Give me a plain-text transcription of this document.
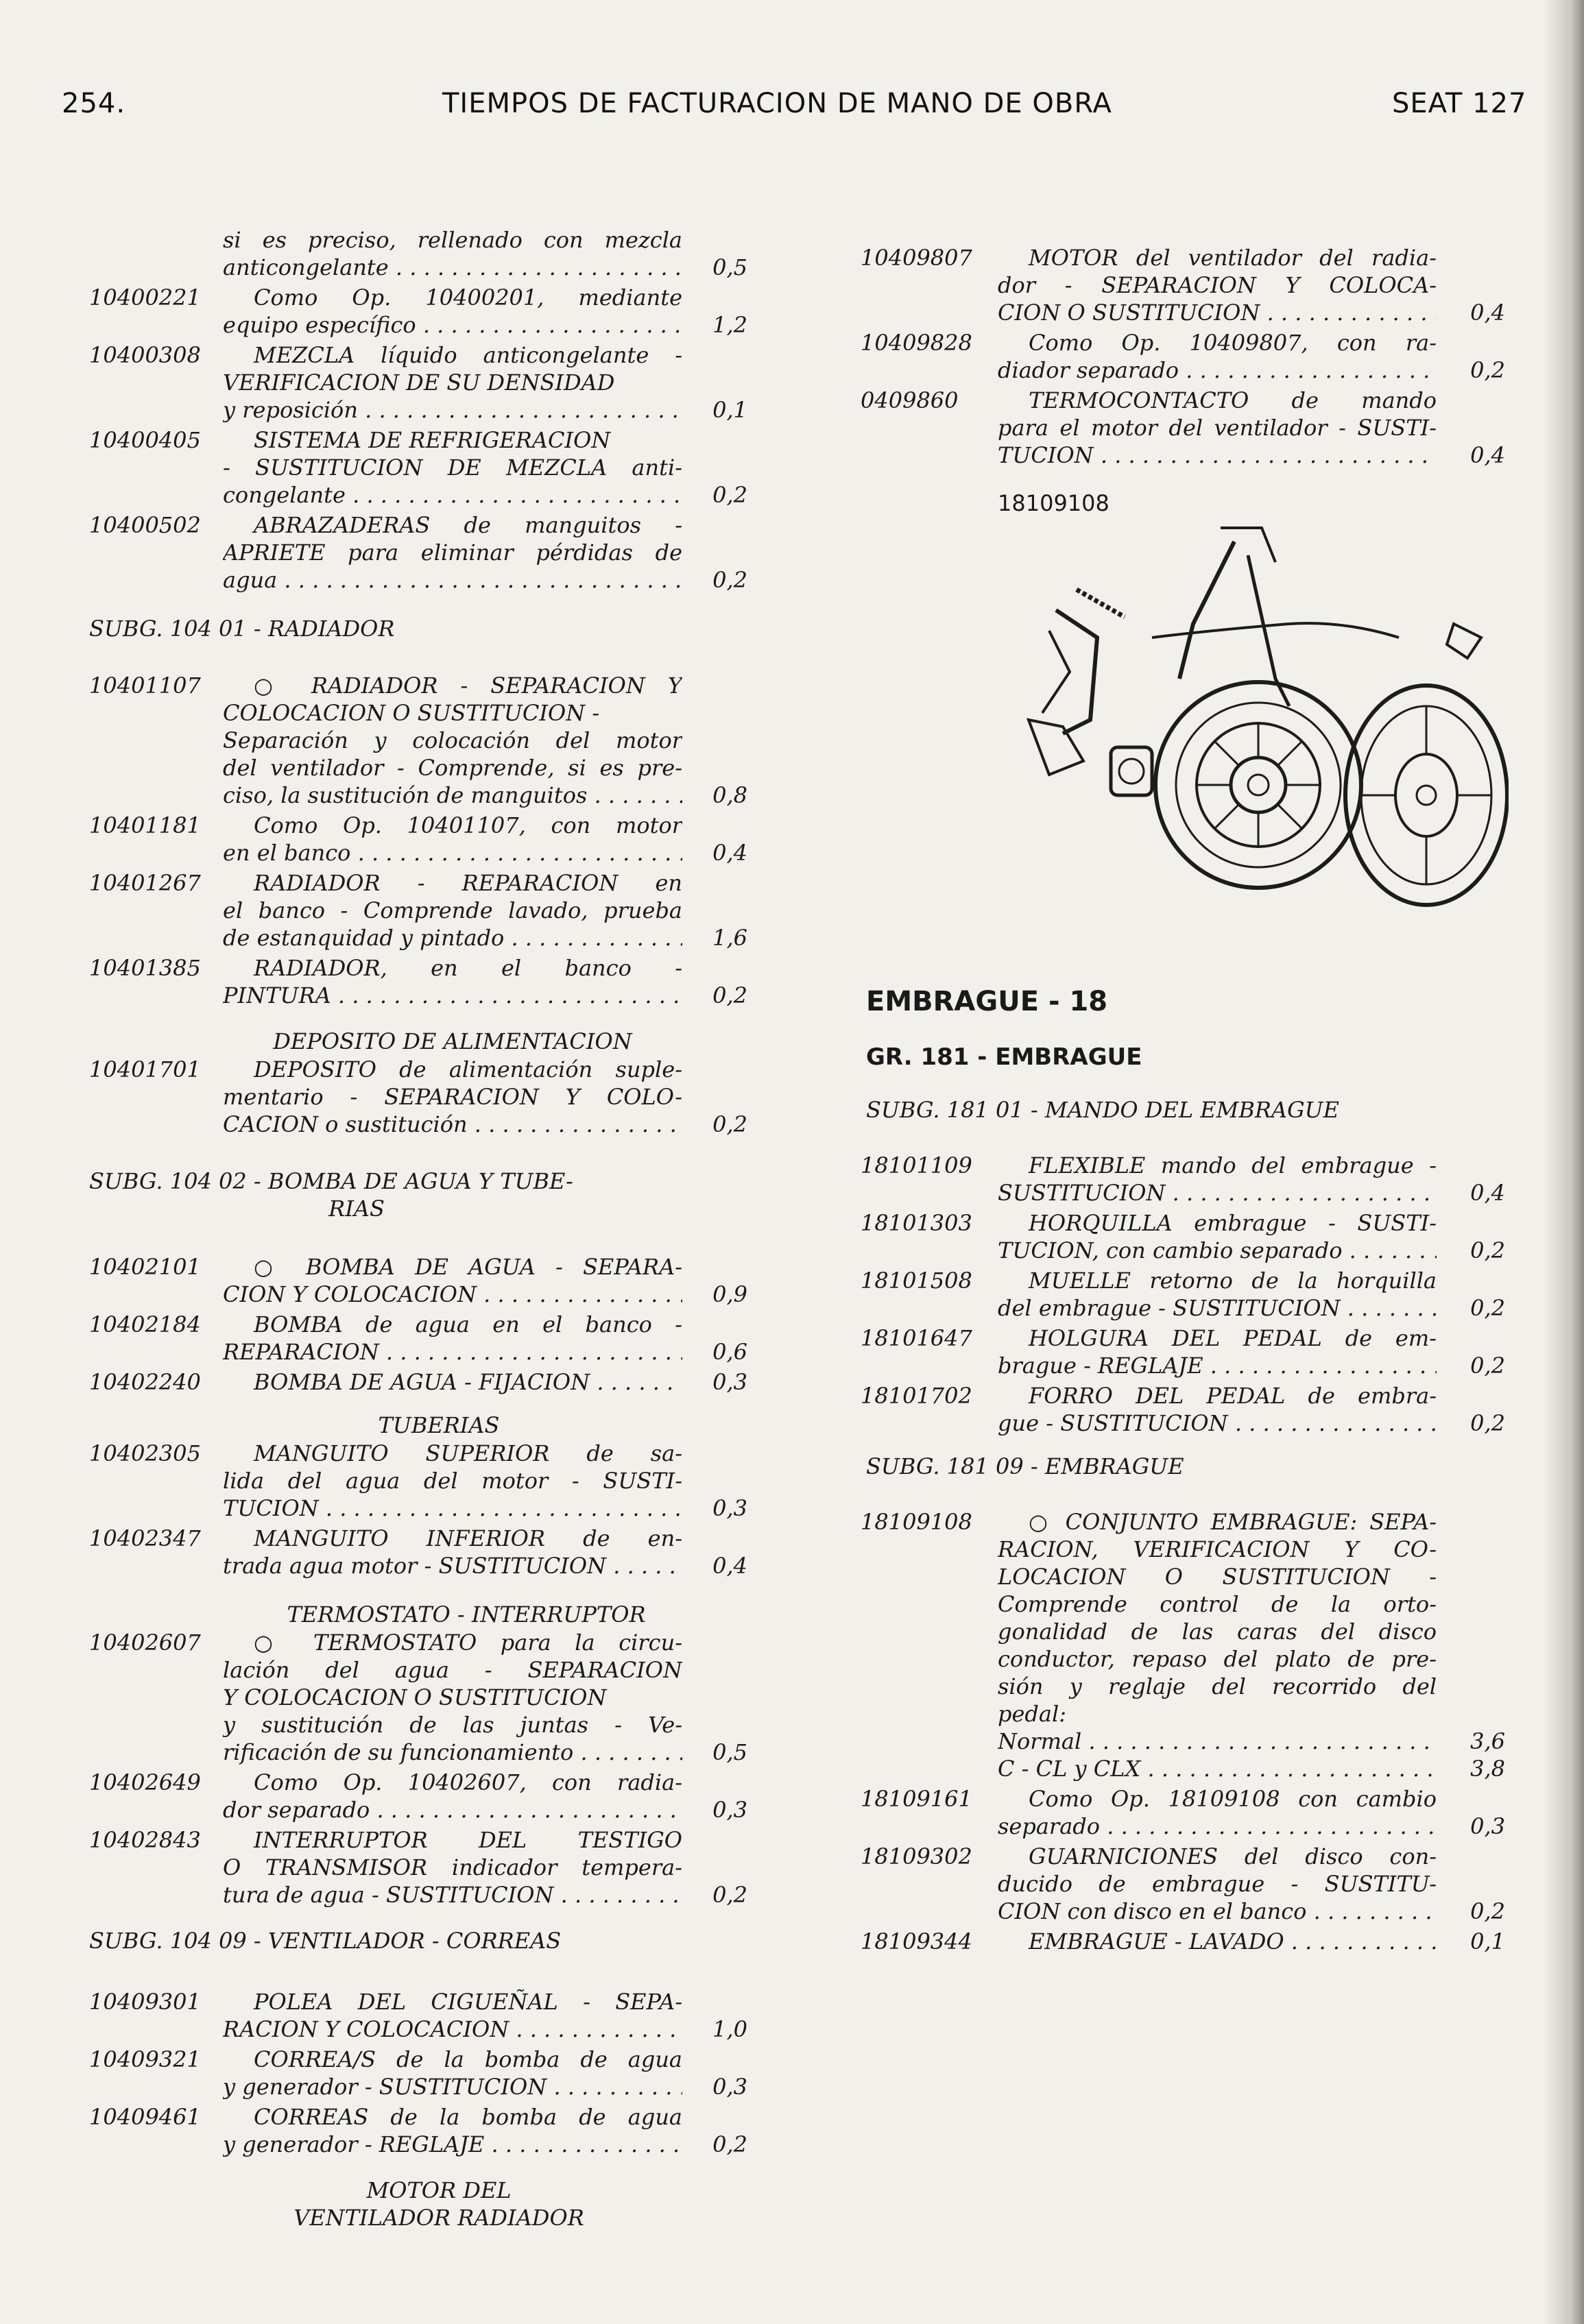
254.	TIEMPOS DE FACTURACION DE MANO DE OBRA	SEAT 127
si es preciso, rellenado con mezcla
anticongelante . . .	0,5
10400221	Como Op. 10400201, mediante
equipo específico . . .	1,2
10400308	MEZCLA líquido anticongelante -
VERIFICACION DE SU DENSIDAD
y reposición . . .	0,1
10400405	SISTEMA DE REFRIGERACION
- SUSTITUCION DE MEZCLA anti-
congelante . . .	0,2
10400502	ABRAZADERAS de manguitos -
APRIETE para eliminar pérdidas de
agua . . .	0,2
SUBG. 104 01 - RADIADOR
10401107	○ RADIADOR - SEPARACION Y
COLOCACION O SUSTITUCION -
Separación y colocación del motor
del ventilador - Comprende, si es pre-
ciso, la sustitución de manguitos . . .	0,8
10401181	Como Op. 10401107, con motor
en el banco . . .	0,4
10401267	RADIADOR - REPARACION en
el banco - Comprende lavado, prueba
de estanquidad y pintado . . .	1,6
10401385	RADIADOR, en el banco -
PINTURA . . .	0,2
DEPOSITO DE ALIMENTACION
10401701	DEPOSITO de alimentación suple-
mentario - SEPARACION Y COLO-
CACION o sustitución . . .	0,2
SUBG. 104 02 - BOMBA DE AGUA Y TUBE-
RIAS
10402101	○ BOMBA DE AGUA - SEPARA-
CION Y COLOCACION . . .	0,9
10402184	BOMBA de agua en el banco -
REPARACION . . .	0,6
10402240	BOMBA DE AGUA - FIJACION . . . .	0,3
TUBERIAS
10402305	MANGUITO SUPERIOR de sa-
lida del agua del motor - SUSTI-
TUCION . . .	0,3
10402347	MANGUITO INFERIOR de en-
trada agua motor - SUSTITUCION . . . . .	0,4
TERMOSTATO - INTERRUPTOR
10402607	○ TERMOSTATO para la circu-
lación del agua - SEPARACION
Y COLOCACION O SUSTITUCION
y sustitución de las juntas - Ve-
rificación de su funcionamiento . . .	0,5
10402649	Como Op. 10402607, con radia-
dor separado . . .	0,3
10402843	INTERRUPTOR DEL TESTIGO
O TRANSMISOR indicador tempera-
tura de agua - SUSTITUCION . . .	0,2
SUBG. 104 09 - VENTILADOR - CORREAS
10409301	POLEA DEL CIGUEÑAL - SEPA-
RACION Y COLOCACION . . .	1,0
10409321	CORREA/S de la bomba de agua
y generador - SUSTITUCION . . .	0,3
10409461	CORREAS de la bomba de agua
y generador - REGLAJE . . .	0,2
MOTOR DEL
VENTILADOR RADIADOR
10409807	MOTOR del ventilador del radia-
dor - SEPARACION Y COLOCA-
CION O SUSTITUCION . . .	0,4
10409828	Como Op. 10409807, con ra-
diador separado . . .	0,2
0409860	TERMOCONTACTO de mando
para el motor del ventilador - SUSTI-
TUCION . . .	0,4
EMBRAGUE - 18
GR. 181 - EMBRAGUE
SUBG. 181 01 - MANDO DEL EMBRAGUE
18101109	FLEXIBLE mando del embrague -
SUSTITUCION . . .	0,4
18101303	HORQUILLA embrague - SUSTI-
TUCION, con cambio separado . . .	0,2
18101508	MUELLE retorno de la horquilla
del embrague - SUSTITUCION . . .	0,2
18101647	HOLGURA DEL PEDAL de em-
brague - REGLAJE . . .	0,2
18101702	FORRO DEL PEDAL de embra-
gue - SUSTITUCION . . .	0,2
SUBG. 181 09 - EMBRAGUE
18109108	○ CONJUNTO EMBRAGUE: SEPA-
RACION, VERIFICACION Y CO-
LOCACION O SUSTITUCION -
Comprende control de la orto-
gonalidad de las caras del disco
conductor, repaso del plato de pre-
sión y reglaje del recorrido del
pedal:
Normal . . .	3,6
C - CL y CLX . . .	3,8
18109161	Como Op. 18109108 con cambio
separado . . .	0,3
18109302	GUARNICIONES del disco con-
ducido de embrague - SUSTITU-
CION con disco en el banco . . .	0,2
18109344	EMBRAGUE - LAVADO . . .	0,1
18109108
